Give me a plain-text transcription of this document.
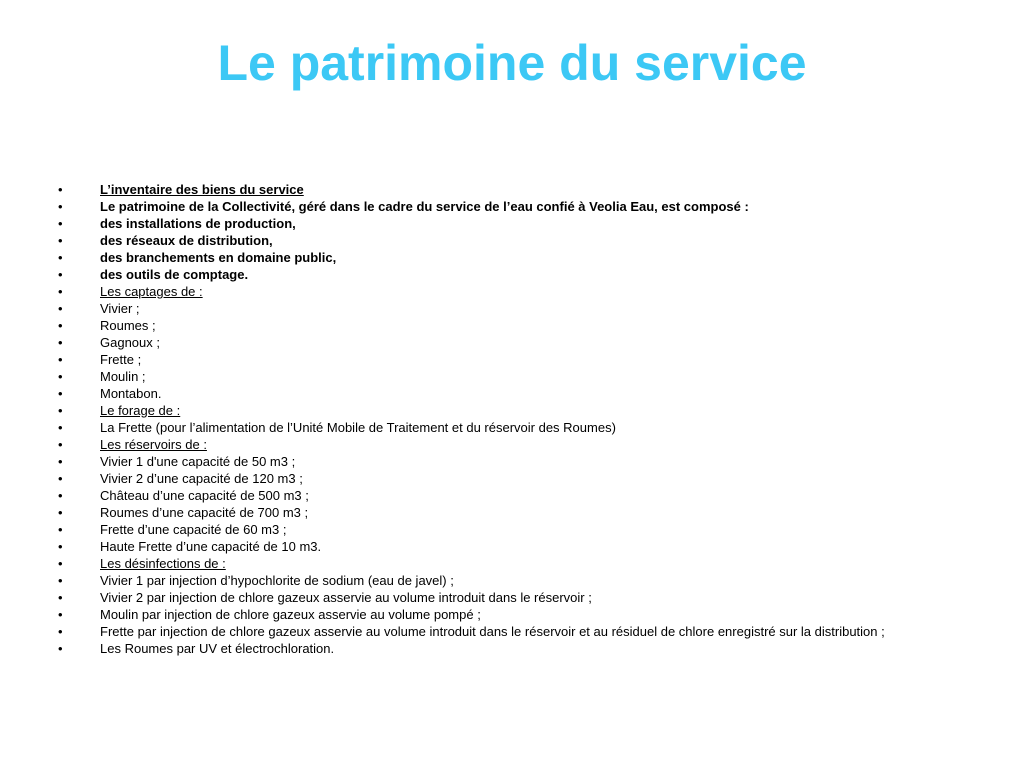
Le patrimoine du service
•	L’inventaire des biens du service
•	Le patrimoine de la Collectivité, géré dans le cadre du service de l’eau confié à Veolia Eau, est composé :
•	des installations de production,
•	des réseaux de distribution,
•	des branchements en domaine public,
•	des outils de comptage.
•	Les captages de :
•	Vivier ;
•	Roumes ;
•	Gagnoux ;
•	Frette ;
•	Moulin ;
•	Montabon.
•	Le forage de :
•	La Frette (pour l’alimentation de l’Unité Mobile de Traitement et du réservoir des Roumes)
•	Les réservoirs de :
•	Vivier 1 d'une capacité de 50 m3 ;
•	Vivier 2 d’une capacité de 120 m3 ;
•	Château d’une capacité de 500 m3 ;
•	Roumes d’une capacité de 700 m3 ;
•	Frette d’une capacité de 60 m3 ;
•	Haute Frette d’une capacité de 10 m3.
•	Les désinfections de :
•	Vivier 1 par injection d’hypochlorite de sodium (eau de javel) ;
•	Vivier 2 par injection de chlore gazeux asservie au volume introduit dans le réservoir ;
•	Moulin par injection de chlore gazeux asservie au volume pompé ;
•	Frette par injection de chlore gazeux asservie au volume introduit dans le réservoir et au résiduel de chlore enregistré sur la distribution ;
•	Les Roumes par UV et électrochloration.
